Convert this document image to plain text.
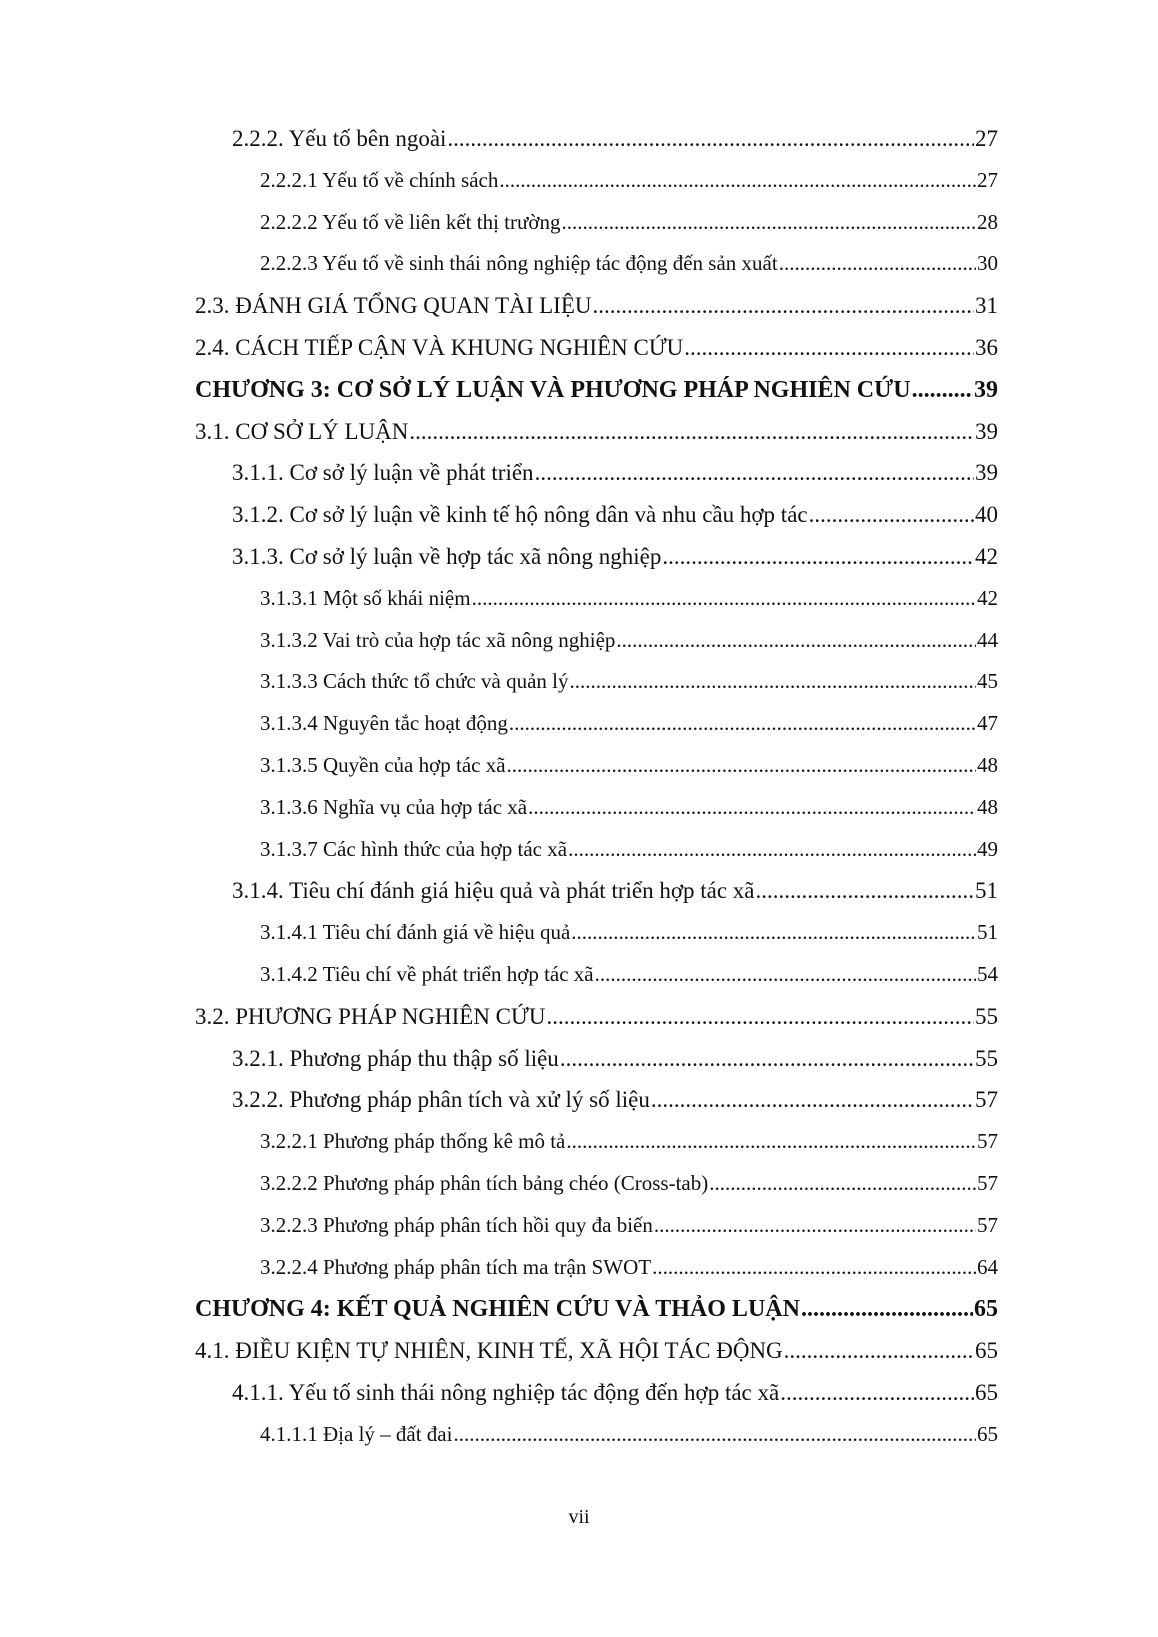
2.2.2. Yếu tố bên ngoài .....	27
2.2.2.1 Yếu tố về chính sách .....	27
2.2.2.2 Yếu tố về liên kết thị trường .....	28
2.2.2.3 Yếu tố về sinh thái nông nghiệp tác động đến sản xuất .....	30
2.3. ĐÁNH GIÁ TỔNG QUAN TÀI LIỆU .....	31
2.4. CÁCH TIẾP CẬN VÀ KHUNG NGHIÊN CỨU .....	36
CHƯƠNG 3: CƠ SỞ LÝ LUẬN VÀ PHƯƠNG PHÁP NGHIÊN CỨU .....	39
3.1. CƠ SỞ LÝ LUẬN .....	39
3.1.1. Cơ sở lý luận về phát triển .....	39
3.1.2. Cơ sở lý luận về kinh tế hộ nông dân và nhu cầu hợp tác .....	40
3.1.3. Cơ sở lý luận về hợp tác xã nông nghiệp .....	42
3.1.3.1 Một số khái niệm .....	42
3.1.3.2 Vai trò của hợp tác xã nông nghiệp .....	44
3.1.3.3 Cách thức tổ chức và quản lý .....	45
3.1.3.4 Nguyên tắc hoạt động .....	47
3.1.3.5 Quyền của hợp tác xã .....	48
3.1.3.6 Nghĩa vụ của hợp tác xã .....	48
3.1.3.7 Các hình thức của hợp tác xã .....	49
3.1.4. Tiêu chí đánh giá hiệu quả và phát triển hợp tác xã .....	51
3.1.4.1 Tiêu chí đánh giá về hiệu quả .....	51
3.1.4.2 Tiêu chí về phát triển hợp tác xã .....	54
3.2. PHƯƠNG PHÁP NGHIÊN CỨU .....	55
3.2.1. Phương pháp thu thập số liệu .....	55
3.2.2. Phương pháp phân tích và xử lý số liệu .....	57
3.2.2.1 Phương pháp thống kê mô tả .....	57
3.2.2.2 Phương pháp phân tích bảng chéo (Cross-tab) .....	57
3.2.2.3 Phương pháp phân tích hồi quy đa biến .....	57
3.2.2.4 Phương pháp phân tích ma trận SWOT .....	64
CHƯƠNG 4: KẾT QUẢ NGHIÊN CỨU VÀ THẢO LUẬN .....	65
4.1. ĐIỀU KIỆN TỰ NHIÊN, KINH TẾ, XÃ HỘI TÁC ĐỘNG .....	65
4.1.1. Yếu tố sinh thái nông nghiệp tác động đến hợp tác xã .....	65
4.1.1.1 Địa lý – đất đai .....	65
vii
